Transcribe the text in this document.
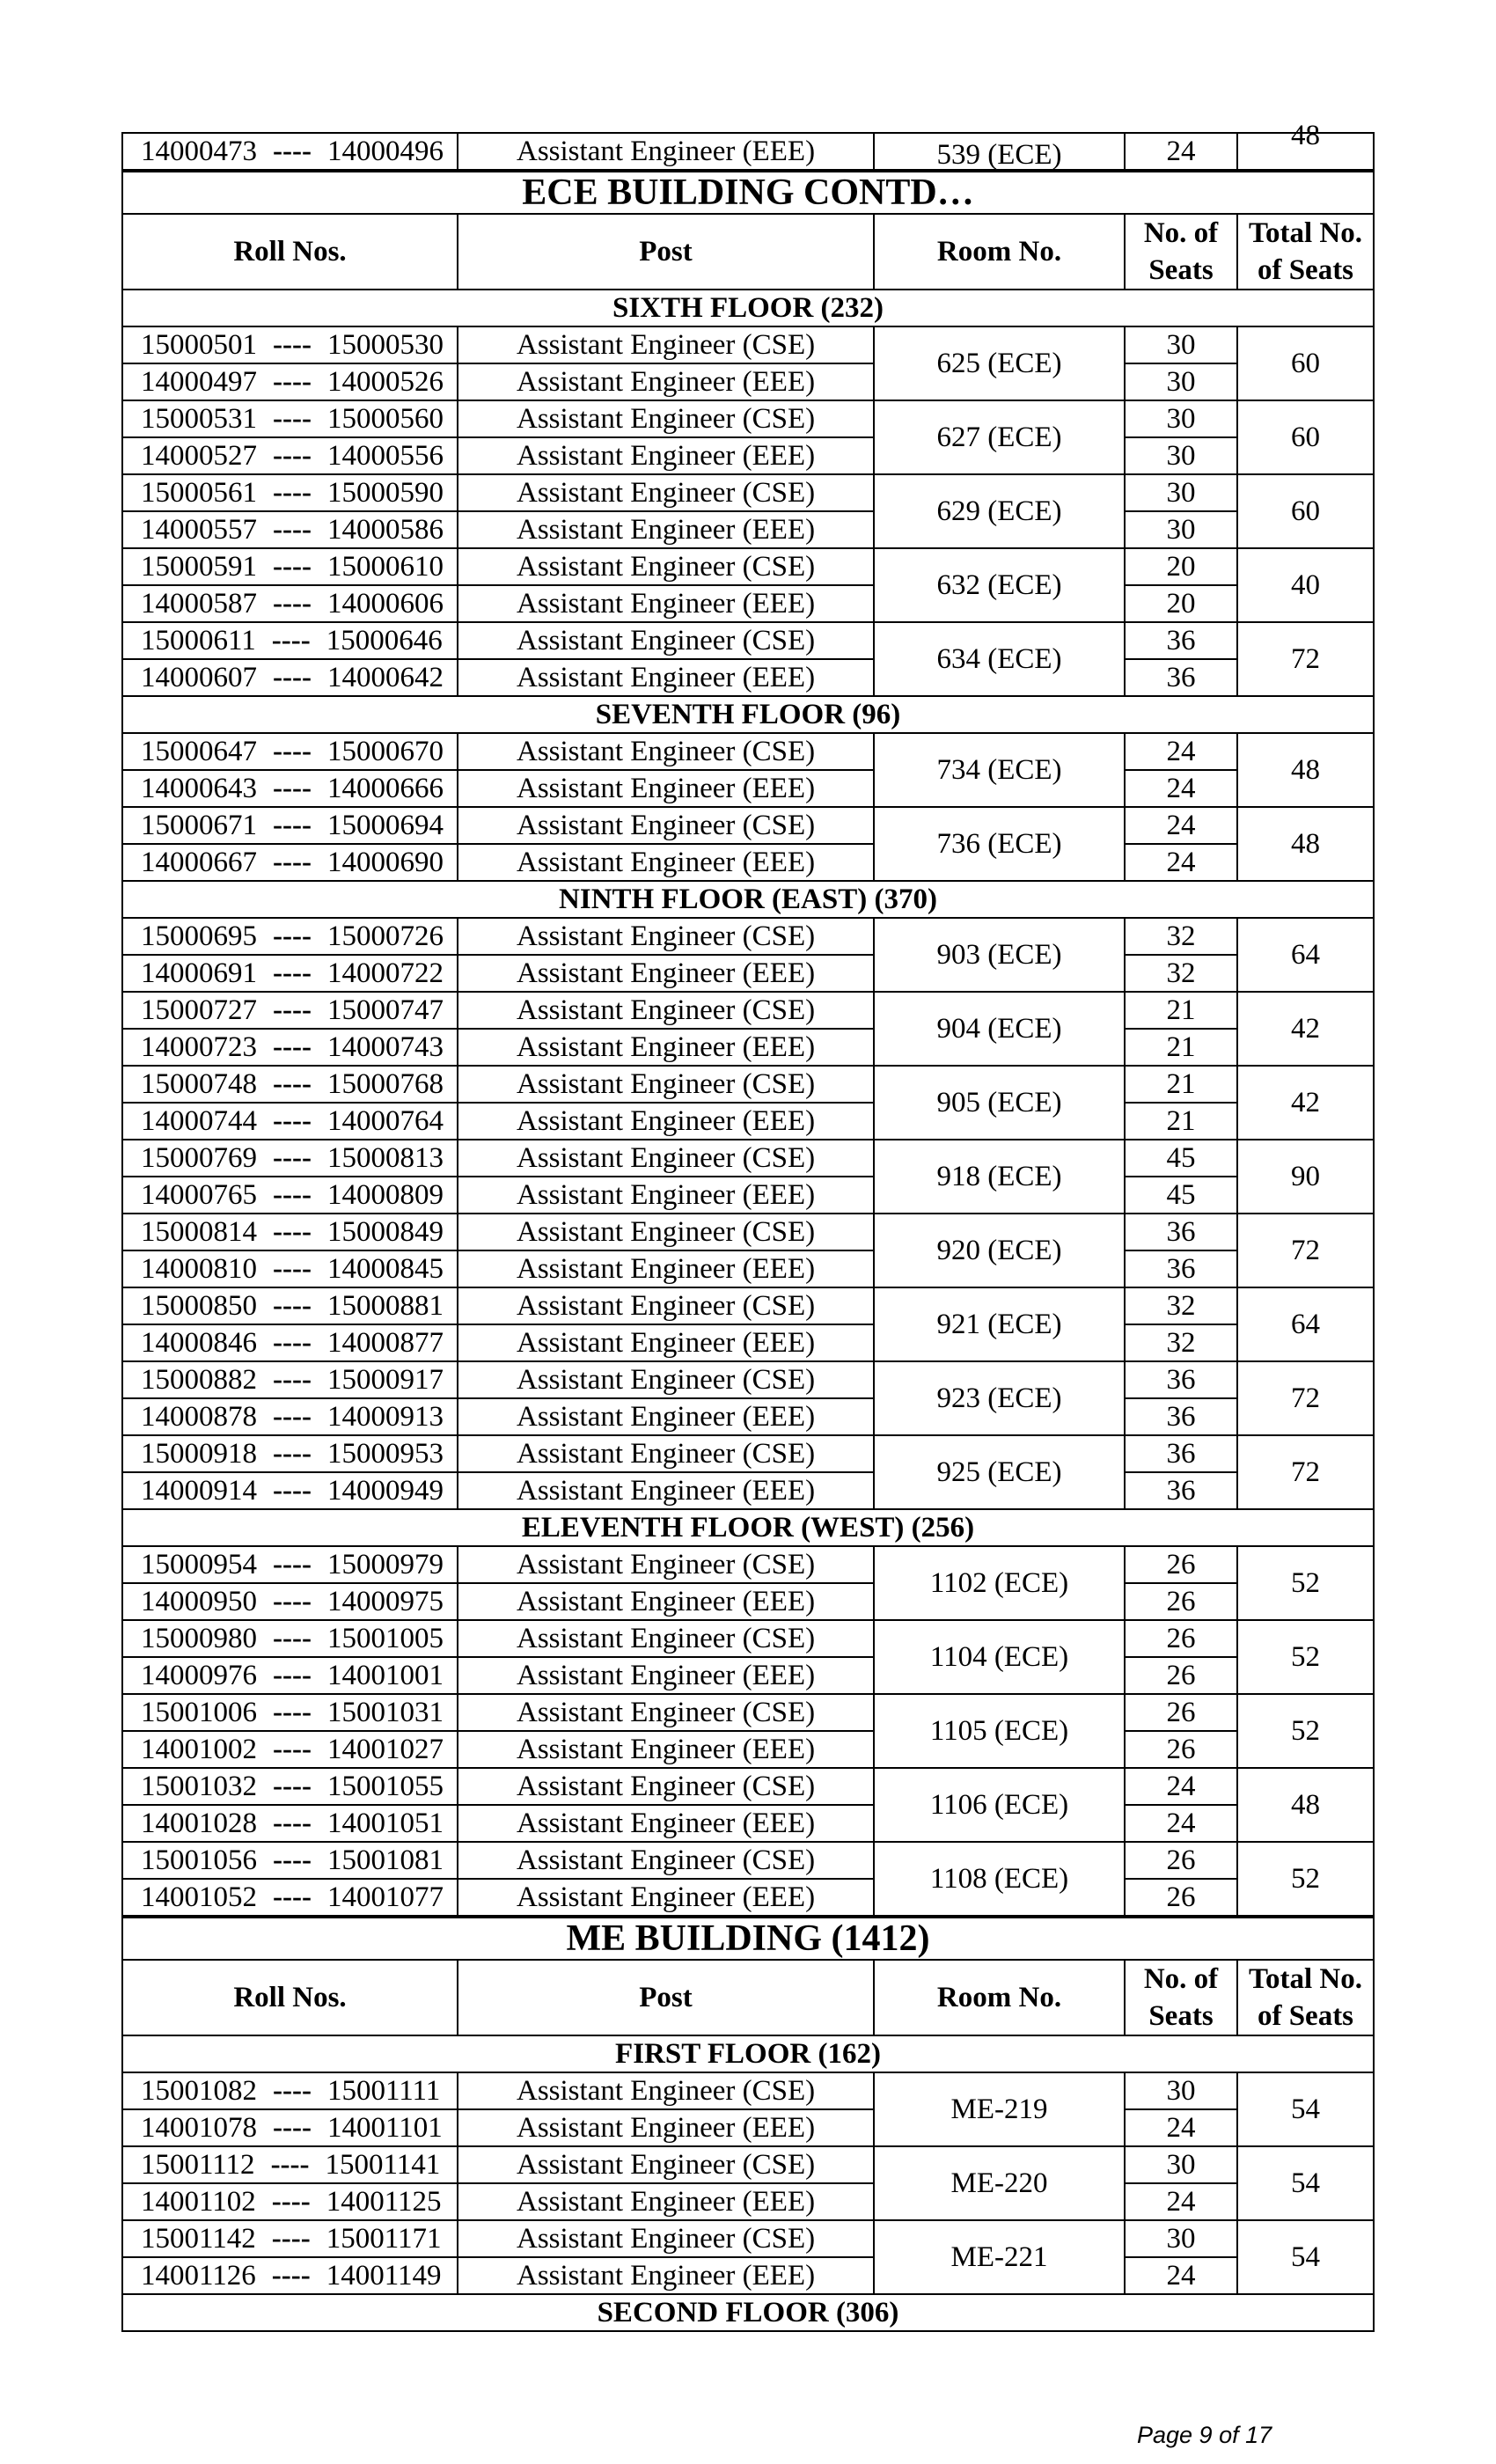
14000473 ---- 14000496	Assistant Engineer (EEE)	539 (ECE)	24	48

ECE BUILDING CONTD…				
Roll Nos.	Post	Room No.	No. of Seats	Total No. of Seats
SIXTH FLOOR (232)				
15000501 ---- 15000530	Assistant Engineer (CSE)	625 (ECE)	30	60
14000497 ---- 14000526	Assistant Engineer (EEE)		30	
15000531 ---- 15000560	Assistant Engineer (CSE)	627 (ECE)	30	60
14000527 ---- 14000556	Assistant Engineer (EEE)		30	
15000561 ---- 15000590	Assistant Engineer (CSE)	629 (ECE)	30	60
14000557 ---- 14000586	Assistant Engineer (EEE)		30	
15000591 ---- 15000610	Assistant Engineer (CSE)	632 (ECE)	20	40
14000587 ---- 14000606	Assistant Engineer (EEE)		20	
15000611 ---- 15000646	Assistant Engineer (CSE)	634 (ECE)	36	72
14000607 ---- 14000642	Assistant Engineer (EEE)		36	
SEVENTH FLOOR (96)				
15000647 ---- 15000670	Assistant Engineer (CSE)	734 (ECE)	24	48
14000643 ---- 14000666	Assistant Engineer (EEE)		24	
15000671 ---- 15000694	Assistant Engineer (CSE)	736 (ECE)	24	48
14000667 ---- 14000690	Assistant Engineer (EEE)		24	
NINTH FLOOR (EAST) (370)				
15000695 ---- 15000726	Assistant Engineer (CSE)	903 (ECE)	32	64
14000691 ---- 14000722	Assistant Engineer (EEE)		32	
15000727 ---- 15000747	Assistant Engineer (CSE)	904 (ECE)	21	42
14000723 ---- 14000743	Assistant Engineer (EEE)		21	
15000748 ---- 15000768	Assistant Engineer (CSE)	905 (ECE)	21	42
14000744 ---- 14000764	Assistant Engineer (EEE)		21	
15000769 ---- 15000813	Assistant Engineer (CSE)	918 (ECE)	45	90
14000765 ---- 14000809	Assistant Engineer (EEE)		45	
15000814 ---- 15000849	Assistant Engineer (CSE)	920 (ECE)	36	72
14000810 ---- 14000845	Assistant Engineer (EEE)		36	
15000850 ---- 15000881	Assistant Engineer (CSE)	921 (ECE)	32	64
14000846 ---- 14000877	Assistant Engineer (EEE)		32	
15000882 ---- 15000917	Assistant Engineer (CSE)	923 (ECE)	36	72
14000878 ---- 14000913	Assistant Engineer (EEE)		36	
15000918 ---- 15000953	Assistant Engineer (CSE)	925 (ECE)	36	72
14000914 ---- 14000949	Assistant Engineer (EEE)		36	
ELEVENTH FLOOR (WEST) (256)				
15000954 ---- 15000979	Assistant Engineer (CSE)	1102 (ECE)	26	52
14000950 ---- 14000975	Assistant Engineer (EEE)		26	
15000980 ---- 15001005	Assistant Engineer (CSE)	1104 (ECE)	26	52
14000976 ---- 14001001	Assistant Engineer (EEE)		26	
15001006 ---- 15001031	Assistant Engineer (CSE)	1105 (ECE)	26	52
14001002 ---- 14001027	Assistant Engineer (EEE)		26	
15001032 ---- 15001055	Assistant Engineer (CSE)	1106 (ECE)	24	48
14001028 ---- 14001051	Assistant Engineer (EEE)		24	
15001056 ---- 15001081	Assistant Engineer (CSE)	1108 (ECE)	26	52
14001052 ---- 14001077	Assistant Engineer (EEE)		26	
ME BUILDING (1412)				
Roll Nos.	Post	Room No.	No. of Seats	Total No. of Seats
FIRST FLOOR (162)				
15001082 ---- 15001111	Assistant Engineer (CSE)	ME-219	30	54
14001078 ---- 14001101	Assistant Engineer (EEE)		24	
15001112 ---- 15001141	Assistant Engineer (CSE)	ME-220	30	54
14001102 ---- 14001125	Assistant Engineer (EEE)		24	
15001142 ---- 15001171	Assistant Engineer (CSE)	ME-221	30	54
14001126 ---- 14001149	Assistant Engineer (EEE)		24	
SECOND FLOOR (306)				
Page 9 of 17
